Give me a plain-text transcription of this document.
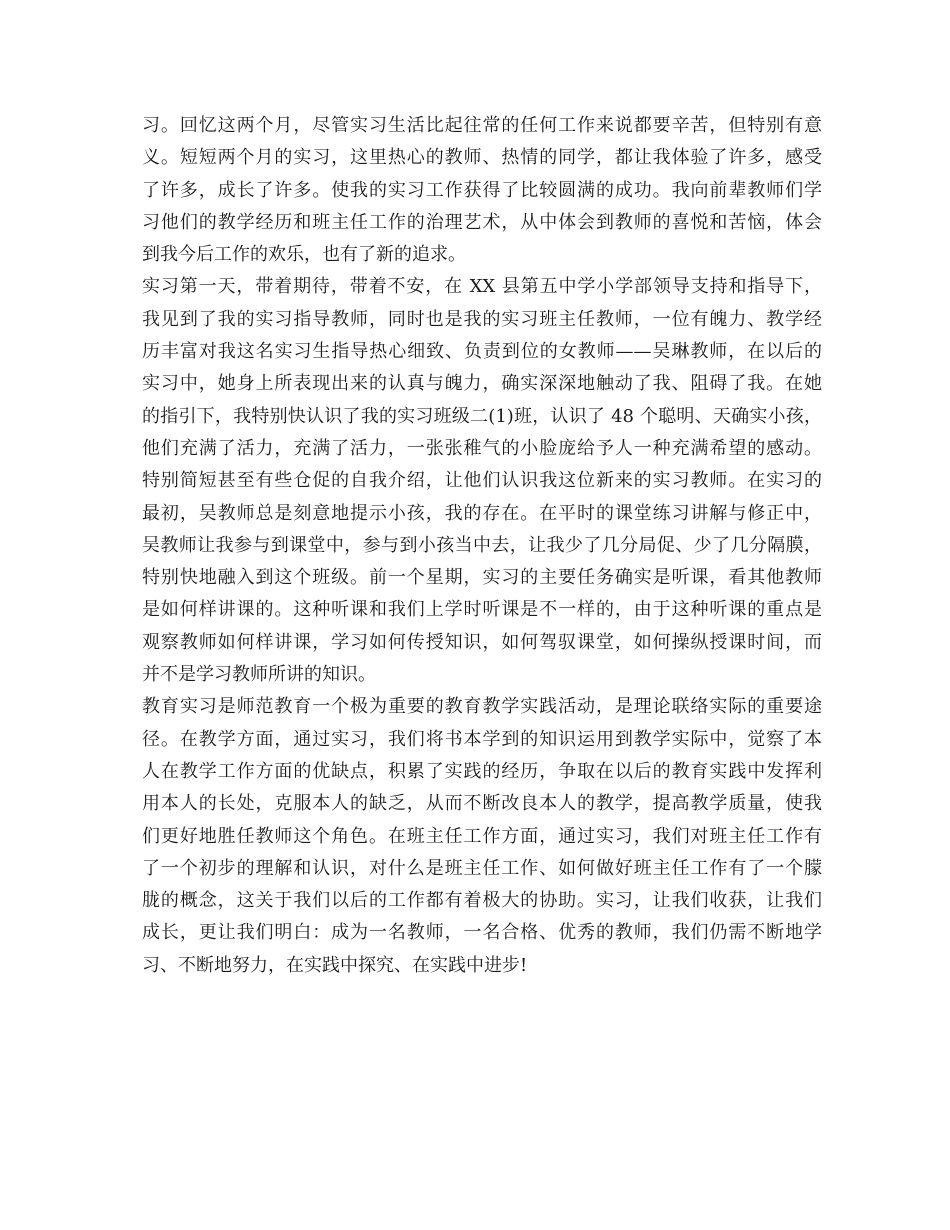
习。回忆这两个月，尽管实习生活比起往常的任何工作来说都要辛苦，但特别有意
义。短短两个月的实习，这里热心的教师、热情的同学，都让我体验了许多，感受
了许多，成长了许多。使我的实习工作获得了比较圆满的成功。我向前辈教师们学
习他们的教学经历和班主任工作的治理艺术，从中体会到教师的喜悦和苦恼，体会
到我今后工作的欢乐，也有了新的追求。
实习第一天，带着期待，带着不安，在 XX 县第五中学小学部领导支持和指导下，
我见到了我的实习指导教师，同时也是我的实习班主任教师，一位有魄力、教学经
历丰富对我这名实习生指导热心细致、负责到位的女教师——吴琳教师，在以后的
实习中，她身上所表现出来的认真与魄力，确实深深地触动了我、阻碍了我。在她
的指引下，我特别快认识了我的实习班级二(1)班，认识了 48 个聪明、天确实小孩，
他们充满了活力，充满了活力，一张张稚气的小脸庞给予人一种充满希望的感动。
特别简短甚至有些仓促的自我介绍，让他们认识我这位新来的实习教师。在实习的
最初，吴教师总是刻意地提示小孩，我的存在。在平时的课堂练习讲解与修正中，
吴教师让我参与到课堂中，参与到小孩当中去，让我少了几分局促、少了几分隔膜，
特别快地融入到这个班级。前一个星期，实习的主要任务确实是听课，看其他教师
是如何样讲课的。这种听课和我们上学时听课是不一样的，由于这种听课的重点是
观察教师如何样讲课，学习如何传授知识，如何驾驭课堂，如何操纵授课时间，而
并不是学习教师所讲的知识。
教育实习是师范教育一个极为重要的教育教学实践活动，是理论联络实际的重要途
径。在教学方面，通过实习，我们将书本学到的知识运用到教学实际中，觉察了本
人在教学工作方面的优缺点，积累了实践的经历，争取在以后的教育实践中发挥利
用本人的长处，克服本人的缺乏，从而不断改良本人的教学，提高教学质量，使我
们更好地胜任教师这个角色。在班主任工作方面，通过实习，我们对班主任工作有
了一个初步的理解和认识，对什么是班主任工作、如何做好班主任工作有了一个朦
胧的概念，这关于我们以后的工作都有着极大的协助。实习，让我们收获，让我们
成长，更让我们明白：成为一名教师，一名合格、优秀的教师，我们仍需不断地学
习、不断地努力，在实践中探究、在实践中进步!
